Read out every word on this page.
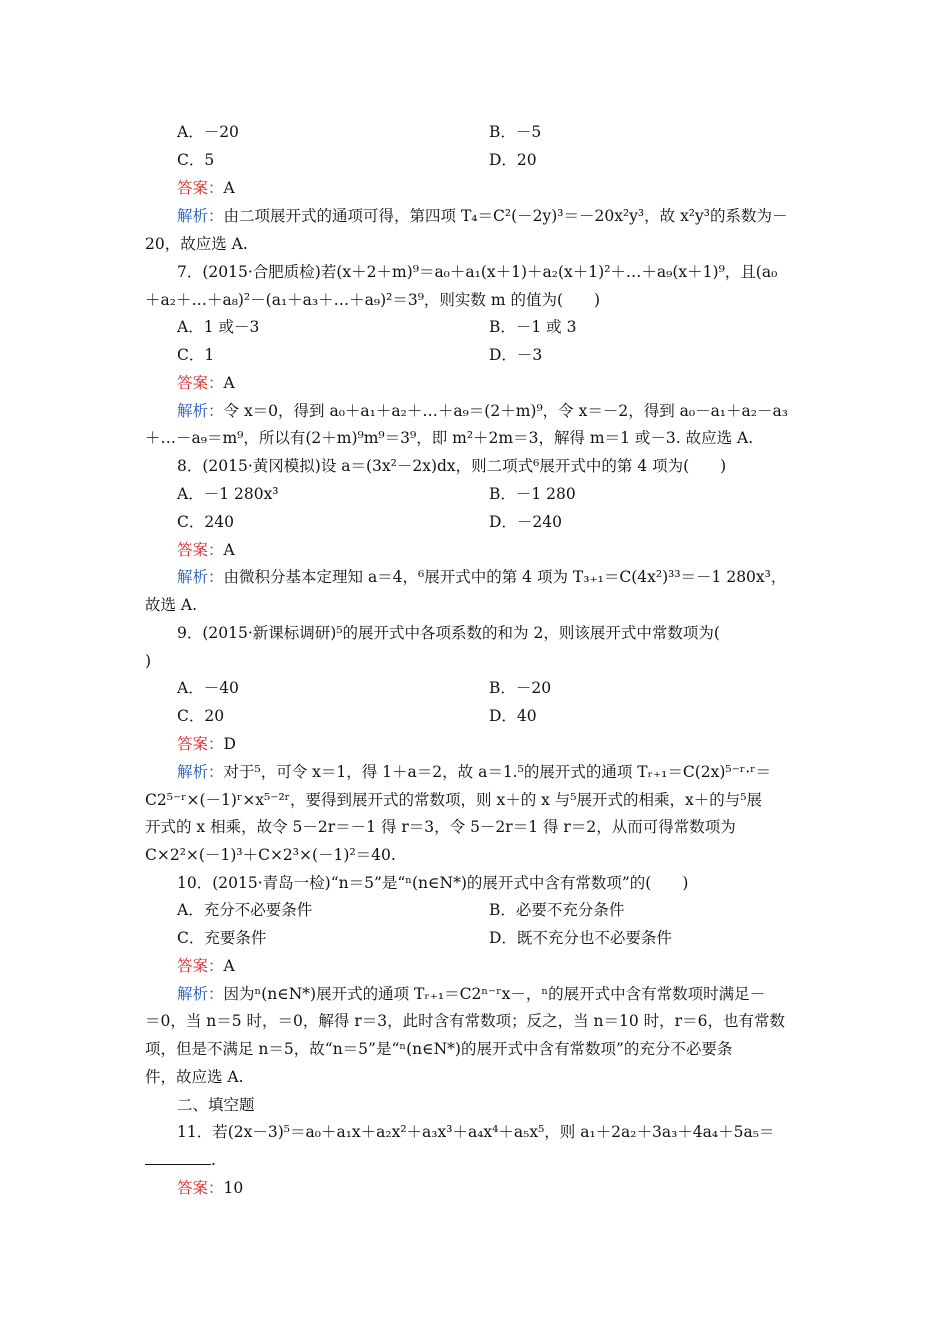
A．－20	B．－5
C．5	D．20
答案：A
解析：由二项展开式的通项可得，第四项 T₄＝C²(－2y)³＝－20x²y³，故 x²y³的系数为－
20，故应选 A.
7．(2015·合肥质检)若(x＋2＋m)⁹＝a₀＋a₁(x＋1)＋a₂(x＋1)²＋…＋a₉(x＋1)⁹，且(a₀
＋a₂＋…＋a₈)²－(a₁＋a₃＋…＋a₉)²＝3⁹，则实数 m 的值为(　　)
A．1 或－3	B．－1 或 3
C．1	D．－3
答案：A
解析：令 x＝0，得到 a₀＋a₁＋a₂＋…＋a₉＝(2＋m)⁹，令 x＝－2，得到 a₀－a₁＋a₂－a₃
＋…－a₉＝m⁹，所以有(2＋m)⁹m⁹＝3⁹，即 m²＋2m＝3，解得 m＝1 或－3. 故应选 A.
8．(2015·黄冈模拟)设 a＝(3x²－2x)dx，则二项式⁶展开式中的第 4 项为(　　)
A．－1 280x³	B．－1 280
C．240	D．－240
答案：A
解析：由微积分基本定理知 a＝4，⁶展开式中的第 4 项为 T₃₊₁＝C(4x²)³³＝－1 280x³，
故选 A.
9．(2015·新课标调研)⁵的展开式中各项系数的和为 2，则该展开式中常数项为(
)
A．－40	B．－20
C．20	D．40
答案：D
解析：对于⁵，可令 x＝1，得 1＋a＝2，故 a＝1.⁵的展开式的通项 Tᵣ₊₁＝C(2x)⁵⁻ʳ·ʳ＝
C2⁵⁻ʳ×(－1)ʳ×x⁵⁻²ʳ，要得到展开式的常数项，则 x＋的 x 与⁵展开式的相乘，x＋的与⁵展
开式的 x 相乘，故令 5－2r＝－1 得 r＝3，令 5－2r＝1 得 r＝2，从而可得常数项为
C×2²×(－1)³＋C×2³×(－1)²＝40.
10．(2015·青岛一检)“n＝5”是“ⁿ(n∈N*)的展开式中含有常数项”的(　　)
A．充分不必要条件	B．必要不充分条件
C．充要条件	D．既不充分也不必要条件
答案：A
解析：因为ⁿ(n∈N*)展开式的通项 Tᵣ₊₁＝C2ⁿ⁻ʳx－，ⁿ的展开式中含有常数项时满足－
＝0，当 n＝5 时，＝0，解得 r＝3，此时含有常数项；反之，当 n＝10 时，r＝6，也有常数
项，但是不满足 n＝5，故“n＝5”是“ⁿ(n∈N*)的展开式中含有常数项”的充分不必要条
件，故应选 A.
二、填空题
11．若(2x－3)⁵＝a₀＋a₁x＋a₂x²＋a₃x³＋a₄x⁴＋a₅x⁵，则 a₁＋2a₂＋3a₃＋4a₄＋5a₅＝
.
答案：10
